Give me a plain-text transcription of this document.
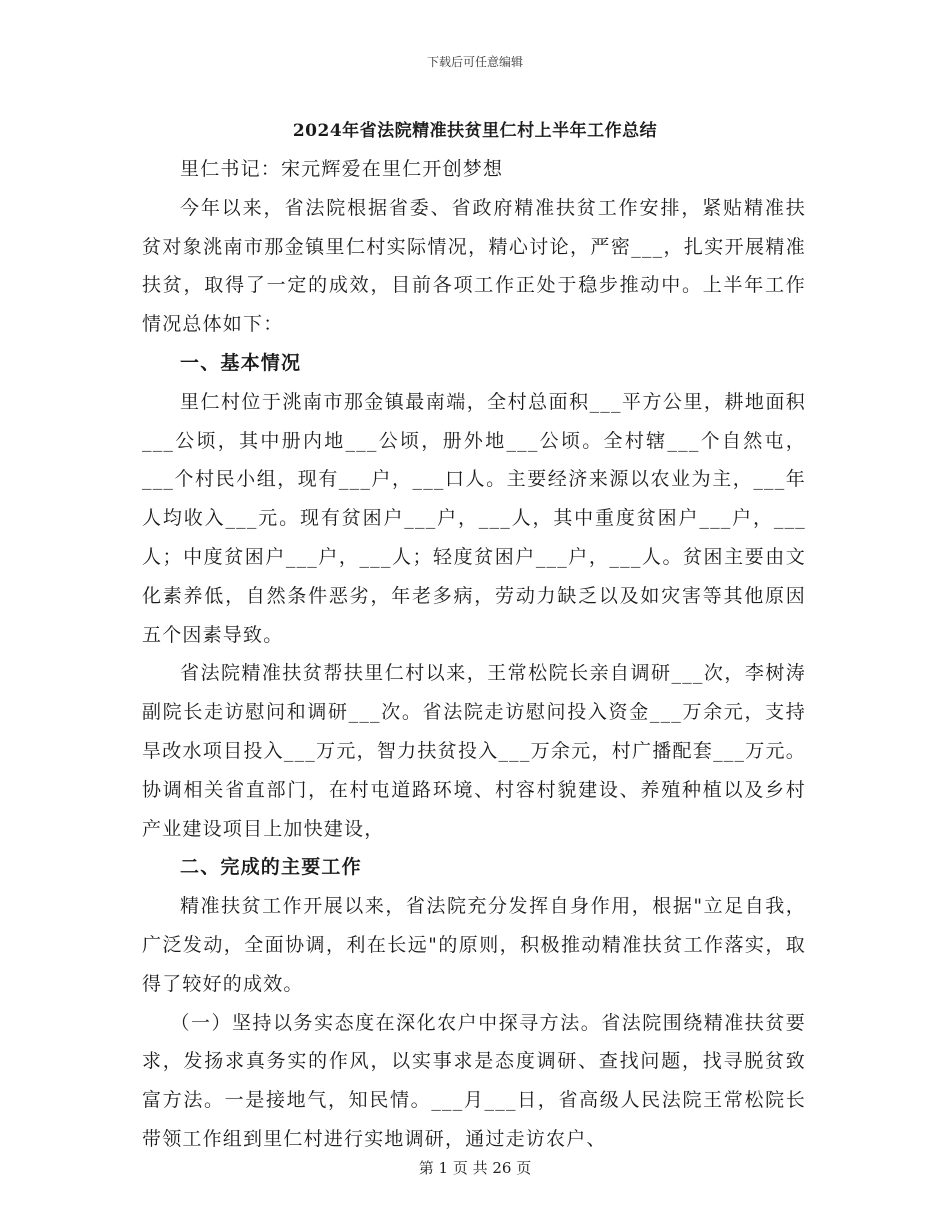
下载后可任意编辑
2024年省法院精准扶贫里仁村上半年工作总结

里仁书记：宋元辉爱在里仁开创梦想

今年以来，省法院根据省委、省政府精准扶贫工作安排，紧贴精准扶贫对象洮南市那金镇里仁村实际情况，精心讨论，严密___，扎实开展精准扶贫，取得了一定的成效，目前各项工作正处于稳步推动中。上半年工作情况总体如下：

一、基本情况

里仁村位于洮南市那金镇最南端，全村总面积___平方公里，耕地面积___公顷，其中册内地___公顷，册外地___公顷。全村辖___个自然屯，___个村民小组，现有___户，___口人。主要经济来源以农业为主，___年人均收入___元。现有贫困户___户，___人，其中重度贫困户___户，___人；中度贫困户___户，___人；轻度贫困户___户，___人。贫困主要由文化素养低，自然条件恶劣，年老多病，劳动力缺乏以及如灾害等其他原因五个因素导致。

省法院精准扶贫帮扶里仁村以来，王常松院长亲自调研___次，李树涛副院长走访慰问和调研___次。省法院走访慰问投入资金___万余元，支持旱改水项目投入___万元，智力扶贫投入___万余元，村广播配套___万元。协调相关省直部门，在村屯道路环境、村容村貌建设、养殖种植以及乡村产业建设项目上加快建设，

二、完成的主要工作

精准扶贫工作开展以来，省法院充分发挥自身作用，根据"立足自我，广泛发动，全面协调，利在长远"的原则，积极推动精准扶贫工作落实，取得了较好的成效。

（一）坚持以务实态度在深化农户中探寻方法。省法院围绕精准扶贫要求，发扬求真务实的作风，以实事求是态度调研、查找问题，找寻脱贫致富方法。一是接地气，知民情。___月___日，省高级人民法院王常松院长带领工作组到里仁村进行实地调研，通过走访农户、

第 1 页 共 26 页
